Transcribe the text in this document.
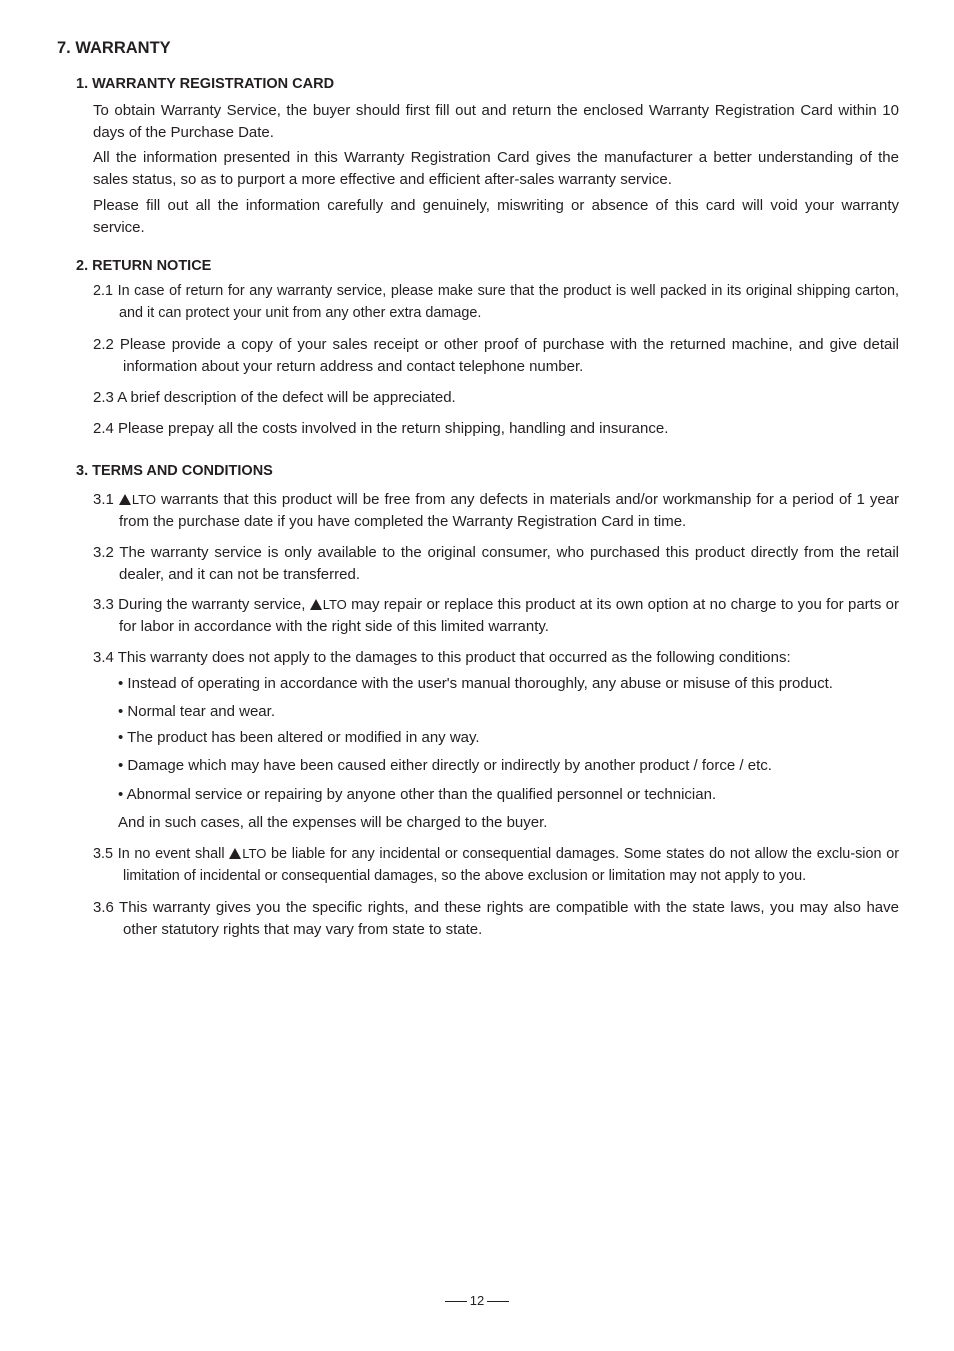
7. WARRANTY
1. WARRANTY REGISTRATION CARD

To obtain Warranty Service, the buyer should first fill out and return the enclosed Warranty Registration Card within 10 days of the Purchase Date.

All the information presented in this Warranty Registration Card gives the manufacturer a better understanding of the sales status, so as to purport a more effective and efficient after-sales warranty service.

Please fill out all the information carefully and genuinely, miswriting or absence of this card will void your warranty service.

2. RETURN NOTICE

2.1 In case of return for any warranty service, please make sure that the product is well packed in its original shipping carton, and it can protect your unit from any other extra damage.

2.2 Please provide a copy of your sales receipt or other proof of purchase with the returned machine, and give detail information about your return address and contact telephone number.

2.3 A brief description of the defect will be appreciated.

2.4 Please prepay all the costs involved in the return shipping, handling and insurance.

3. TERMS AND CONDITIONS

3.1 LTO warrants that this product will be free from any defects in materials and/or workmanship for a period of 1 year from the purchase date if you have completed the Warranty Registration Card in time.

3.2 The warranty service is only available to the original consumer, who purchased this product directly from the retail dealer, and it can not be transferred.

3.3 During the warranty service, LTO may repair or replace this product at its own option at no charge to you for parts or for labor in accordance with the right side of this limited warranty.

3.4 This warranty does not apply to the damages to this product that occurred as the following conditions:

• Instead of operating in accordance with the user's manual thoroughly, any abuse or misuse of this product.

• Normal tear and wear.

• The product has been altered or modified in any way.

• Damage which may have been caused either directly or indirectly by another product / force / etc.

• Abnormal service or repairing by anyone other than the qualified personnel or technician.

And in such cases, all the expenses will be charged to the buyer.

3.5 In no event shall LTO be liable for any incidental or consequential damages. Some states do not allow the exclu-sion or limitation of incidental or consequential damages, so the above exclusion or limitation may not apply to you.

3.6 This warranty gives you the specific rights, and these rights are compatible with the state laws, you may also have other statutory rights that may vary from state to state.

12
